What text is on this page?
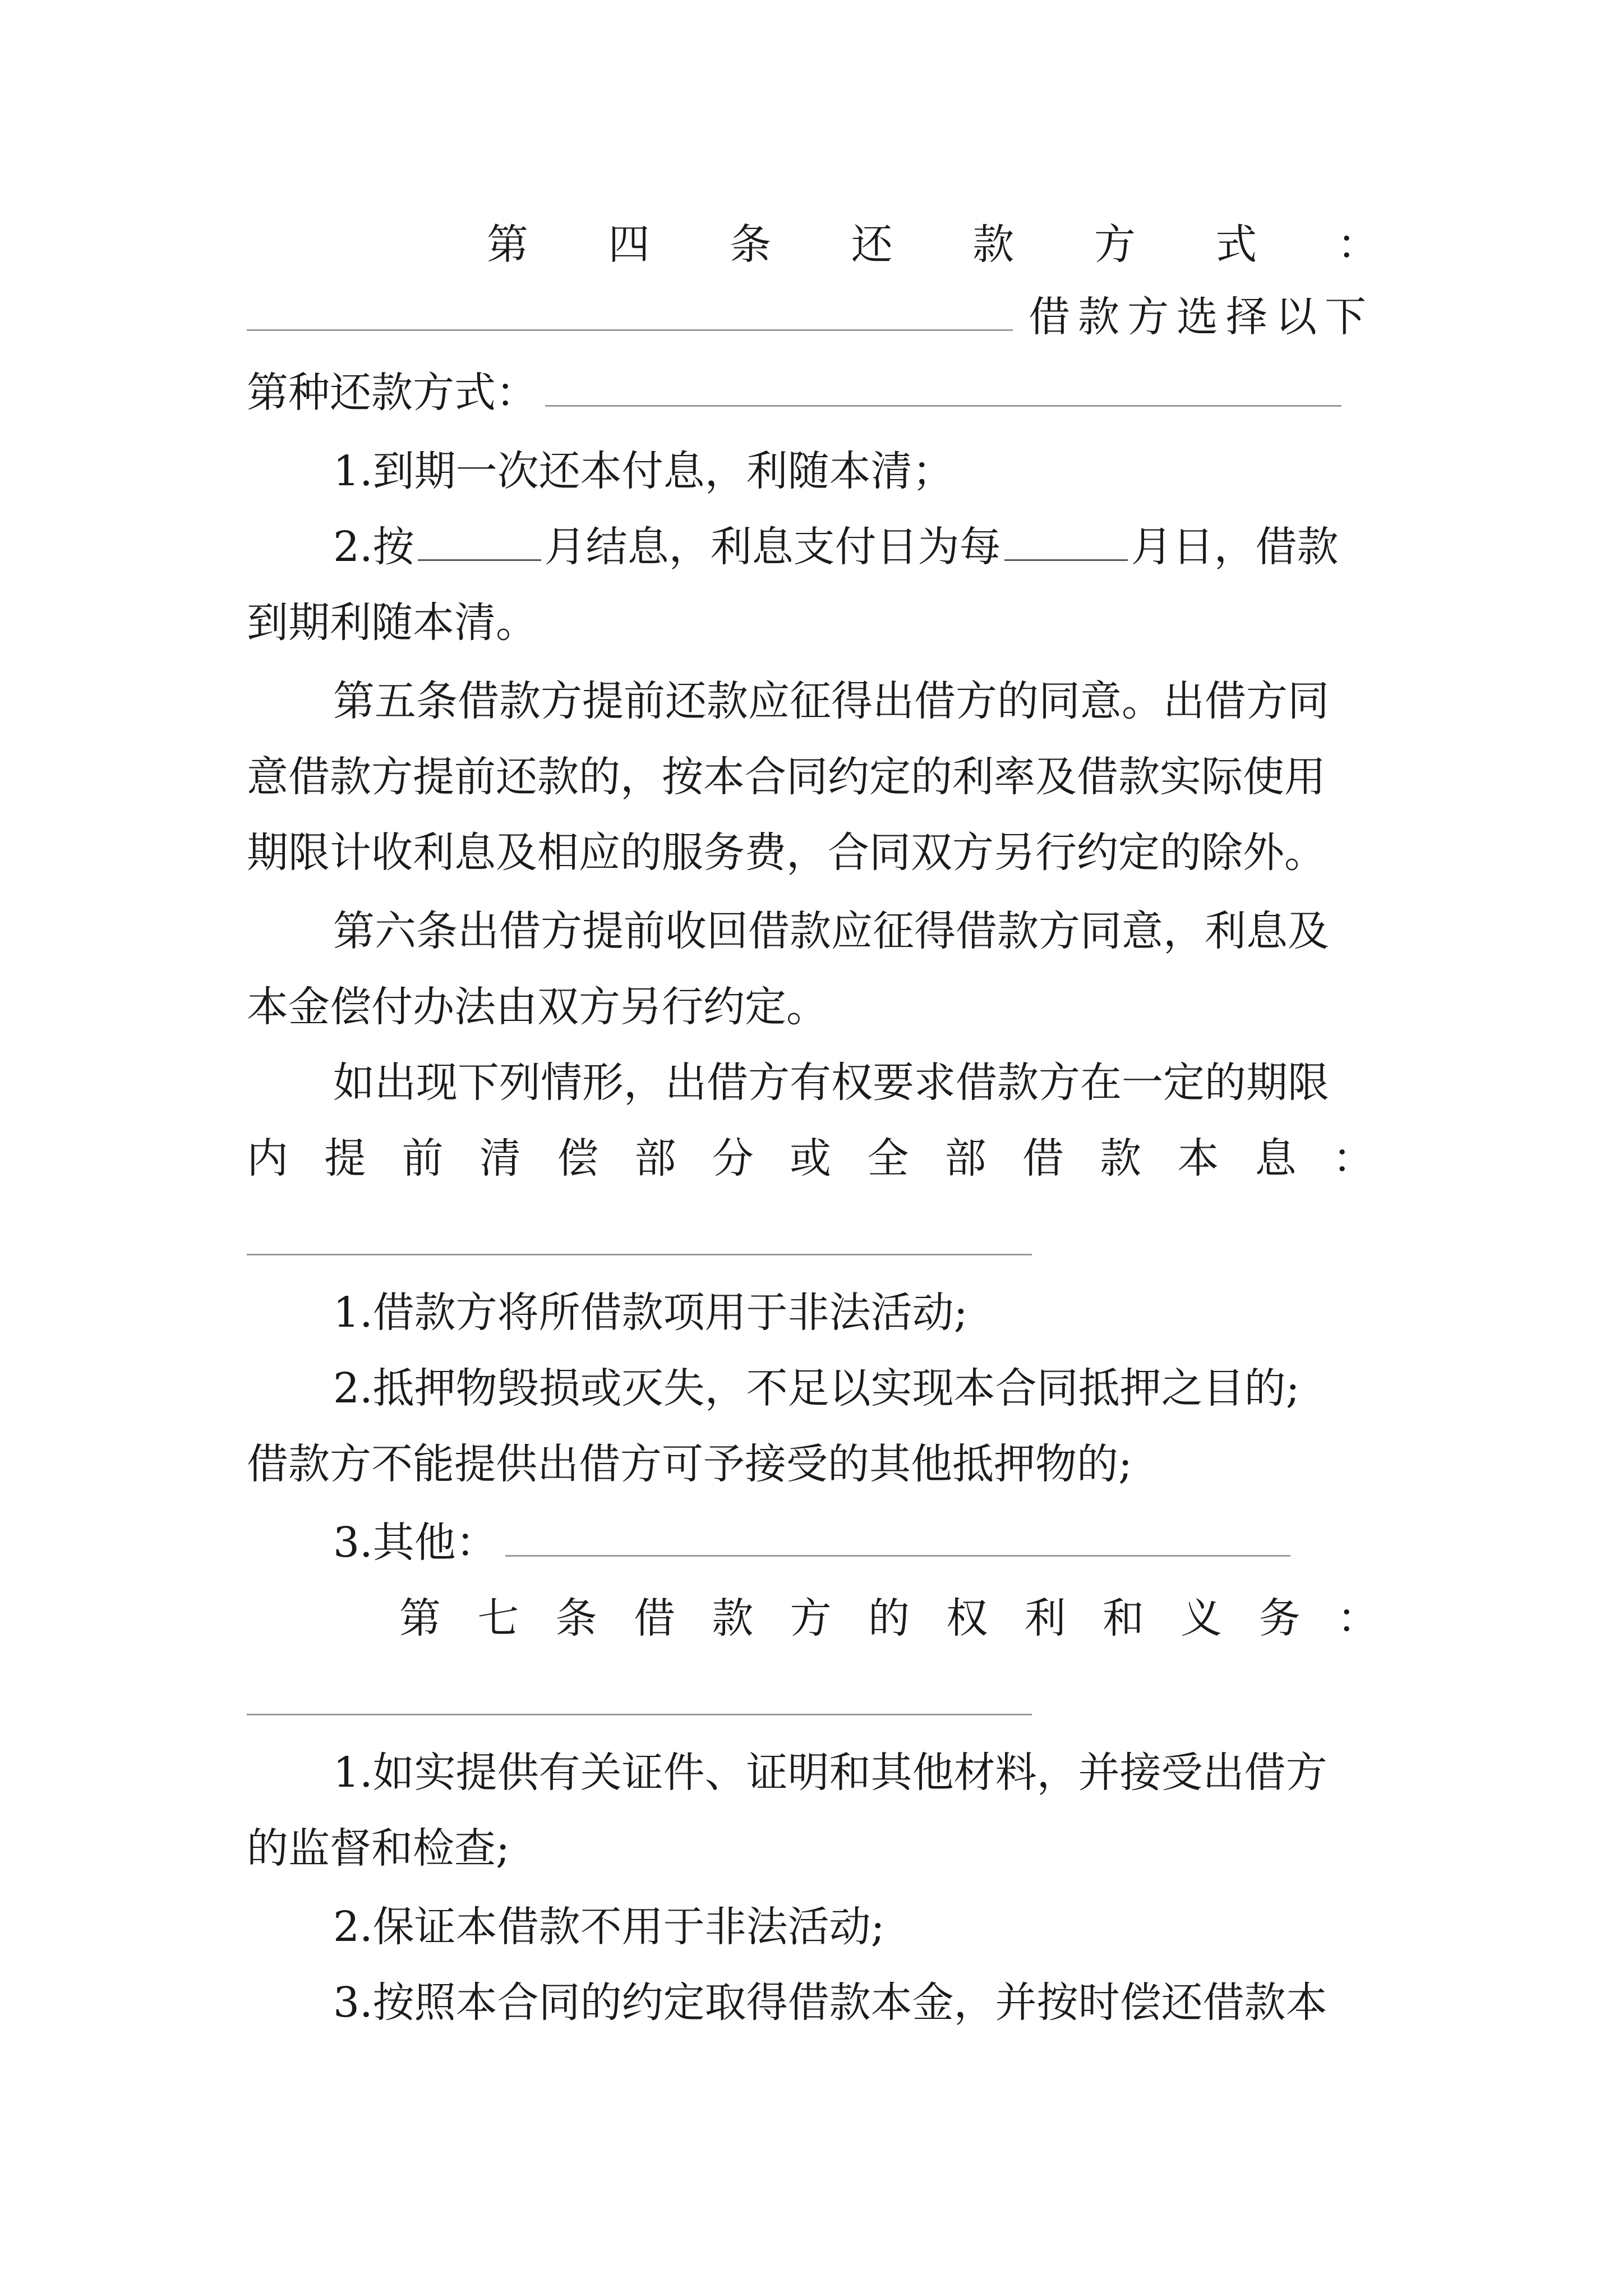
第 四 条 还 款 方 式 ：
借款方选择以下
第种还款方式：
1.到期一次还本付息，利随本清；
2.按	月结息，利息支付日为每	月日，借款
到期利随本清。
第五条借款方提前还款应征得出借方的同意。出借方同
意借款方提前还款的，按本合同约定的利率及借款实际使用
期限计收利息及相应的服务费，合同双方另行约定的除外。
第六条出借方提前收回借款应征得借款方同意，利息及
本金偿付办法由双方另行约定。
如出现下列情形，出借方有权要求借款方在一定的期限
内 提 前 清 偿 部 分 或 全 部 借 款 本 息 ：
1.借款方将所借款项用于非法活动;
2.抵押物毁损或灭失，不足以实现本合同抵押之目的;
借款方不能提供出借方可予接受的其他抵押物的;
3.其他：
第 七 条 借 款 方 的 权 利 和 义 务 ：
1.如实提供有关证件、证明和其他材料，并接受出借方
的监督和检查;
2.保证本借款不用于非法活动;
3.按照本合同的约定取得借款本金，并按时偿还借款本
